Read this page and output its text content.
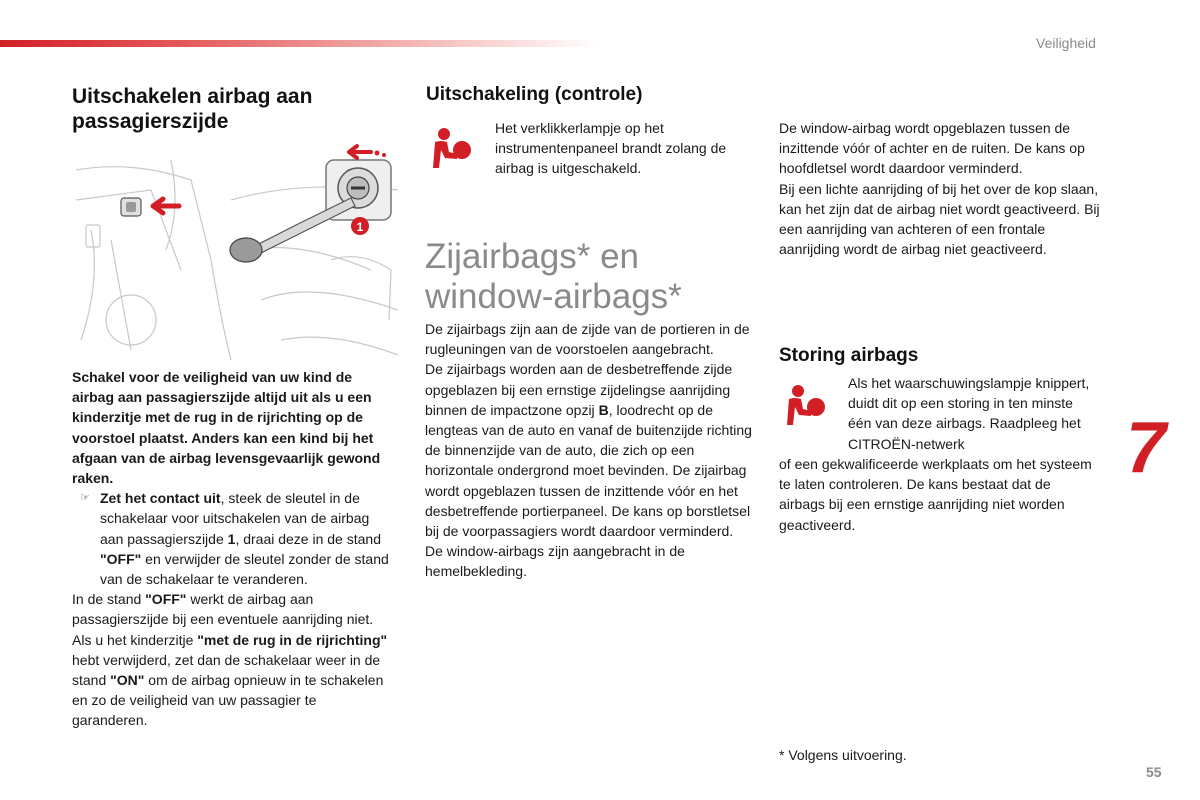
Veiligheid
7
55
Uitschakelen airbag aan passagierszijde
1

Schakel voor de veiligheid van uw kind de airbag aan passagierszijde altijd uit als u een kinderzitje met de rug in de rijrichting op de voorstoel plaatst. Anders kan een kind bij het afgaan van de airbag levensgevaarlijk gewond raken.

☞ Zet het contact uit, steek de sleutel in de schakelaar voor uitschakelen van de airbag aan passagierszijde 1, draai deze in de stand "OFF" en verwijder de sleutel zonder de stand van de schakelaar te veranderen.

In de stand "OFF" werkt de airbag aan passagierszijde bij een eventuele aanrijding niet.

Als u het kinderzitje "met de rug in de rijrichting" hebt verwijderd, zet dan de schakelaar weer in de stand "ON" om de airbag opnieuw in te schakelen en zo de veiligheid van uw passagier te garanderen.

Uitschakeling (controle)
Het verklikkerlampje op het instrumentenpaneel brandt zolang de airbag is uitgeschakeld.
Zijairbags* en window-airbags*

De zijairbags zijn aan de zijde van de portieren in de rugleuningen van de voorstoelen aangebracht.

De zijairbags worden aan de desbetreffende zijde opgeblazen bij een ernstige zijdelingse aanrijding binnen de impactzone opzij B, loodrecht op de lengteas van de auto en vanaf de buitenzijde richting de binnenzijde van de auto, die zich op een horizontale ondergrond moet bevinden. De zijairbag wordt opgeblazen tussen de inzittende vóór en het desbetreffende portierpaneel. De kans op borstletsel bij de voorpassagiers wordt daardoor verminderd.

De window-airbags zijn aangebracht in de hemelbekleding.

De window-airbag wordt opgeblazen tussen de inzittende vóór of achter en de ruiten. De kans op hoofdletsel wordt daardoor verminderd.

Bij een lichte aanrijding of bij het over de kop slaan, kan het zijn dat de airbag niet wordt geactiveerd. Bij een aanrijding van achteren of een frontale aanrijding wordt de airbag niet geactiveerd.

Storing airbags
Als het waarschuwingslampje knippert, duidt dit op een storing in ten minste één van deze airbags. Raadpleeg het CITROËN-netwerk
of een gekwalificeerde werkplaats om het systeem te laten controleren. De kans bestaat dat de airbags bij een ernstige aanrijding niet worden geactiveerd.
* Volgens uitvoering.
